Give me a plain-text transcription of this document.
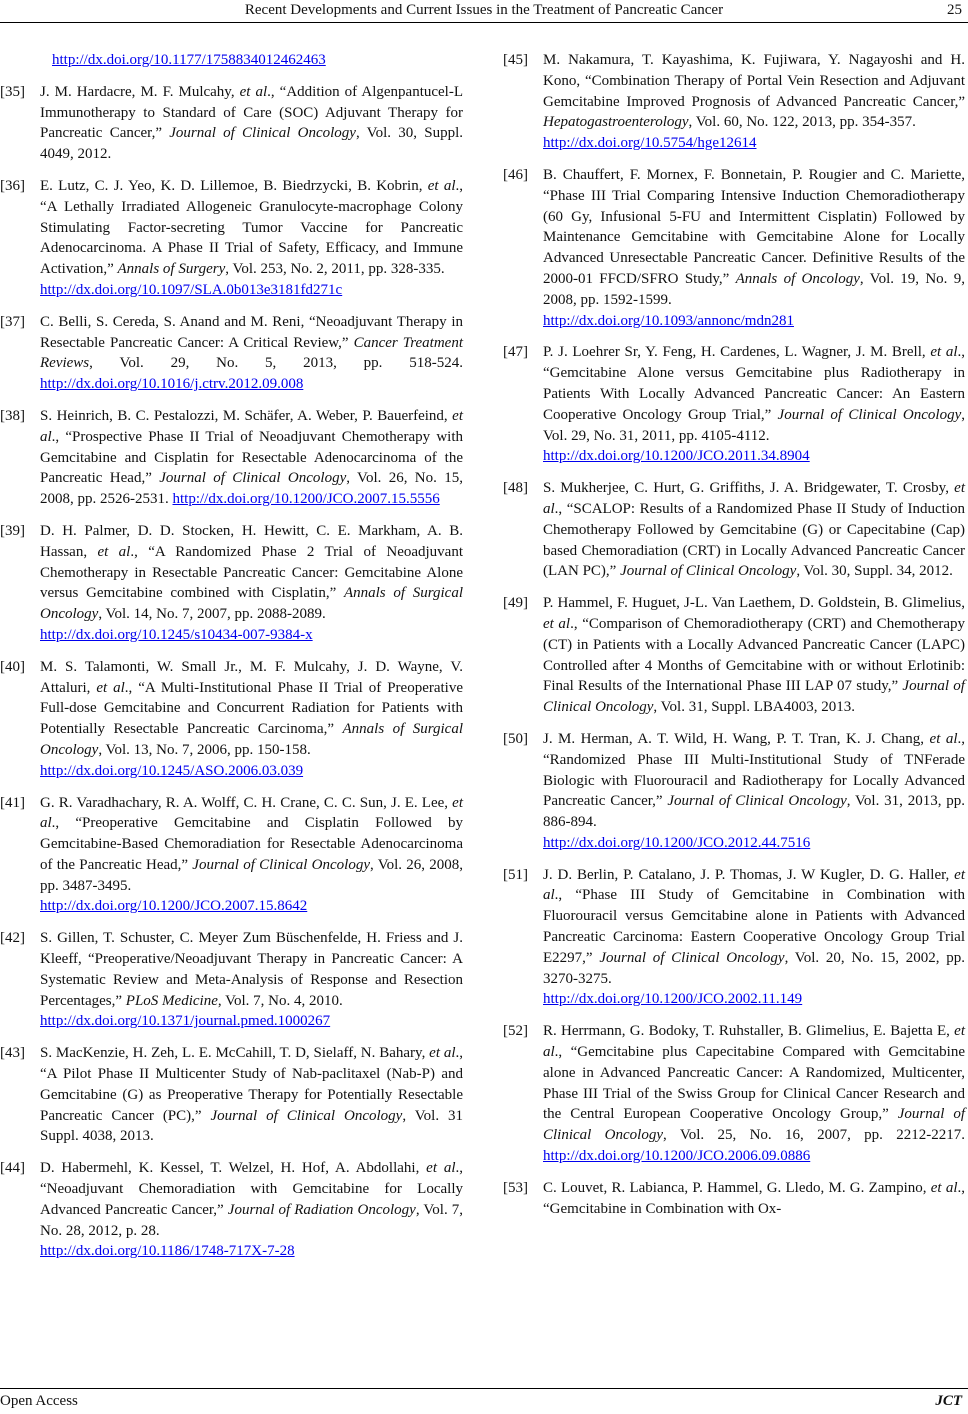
Recent Developments and Current Issues in the Treatment of Pancreatic Cancer	25
http://dx.doi.org/10.1177/1758834012462463
[35]	J. M. Hardacre, M. F. Mulcahy, et al., “Addition of Algenpantucel-L Immunotherapy to Standard of Care (SOC) Adjuvant Therapy for Pancreatic Cancer,” Journal of Clinical Oncology, Vol. 30, Suppl. 4049, 2012.
[36]	E. Lutz, C. J. Yeo, K. D. Lillemoe, B. Biedrzycki, B. Kobrin, et al., “A Lethally Irradiated Allogeneic Granulocyte-macrophage Colony Stimulating Factor-secreting Tumor Vaccine for Pancreatic Adenocarcinoma. A Phase II Trial of Safety, Efficacy, and Immune Activation,” Annals of Surgery, Vol. 253, No. 2, 2011, pp. 328-335.
http://dx.doi.org/10.1097/SLA.0b013e3181fd271c
[37]	C. Belli, S. Cereda, S. Anand and M. Reni, “Neoadjuvant Therapy in Resectable Pancreatic Cancer: A Critical Review,” Cancer Treatment Reviews, Vol. 29, No. 5, 2013, pp. 518-524. http://dx.doi.org/10.1016/j.ctrv.2012.09.008
[38]	S. Heinrich, B. C. Pestalozzi, M. Schäfer, A. Weber, P. Bauerfeind, et al., “Prospective Phase II Trial of Neoadjuvant Chemotherapy with Gemcitabine and Cisplatin for Resectable Adenocarcinoma of the Pancreatic Head,” Journal of Clinical Oncology, Vol. 26, No. 15, 2008, pp. 2526-2531. http://dx.doi.org/10.1200/JCO.2007.15.5556
[39]	D. H. Palmer, D. D. Stocken, H. Hewitt, C. E. Markham, A. B. Hassan, et al., “A Randomized Phase 2 Trial of Neoadjuvant Chemotherapy in Resectable Pancreatic Cancer: Gemcitabine Alone versus Gemcitabine combined with Cisplatin,” Annals of Surgical Oncology, Vol. 14, No. 7, 2007, pp. 2088-2089.
http://dx.doi.org/10.1245/s10434-007-9384-x
[40]	M. S. Talamonti, W. Small Jr., M. F. Mulcahy, J. D. Wayne, V. Attaluri, et al., “A Multi-Institutional Phase II Trial of Preoperative Full-dose Gemcitabine and Concurrent Radiation for Patients with Potentially Resectable Pancreatic Carcinoma,” Annals of Surgical Oncology, Vol. 13, No. 7, 2006, pp. 150-158.
http://dx.doi.org/10.1245/ASO.2006.03.039
[41]	G. R. Varadhachary, R. A. Wolff, C. H. Crane, C. C. Sun, J. E. Lee, et al., “Preoperative Gemcitabine and Cisplatin Followed by Gemcitabine-Based Chemoradiation for Resectable Adenocarcinoma of the Pancreatic Head,” Journal of Clinical Oncology, Vol. 26, 2008, pp. 3487-3495.
http://dx.doi.org/10.1200/JCO.2007.15.8642
[42]	S. Gillen, T. Schuster, C. Meyer Zum Büschenfelde, H. Friess and J. Kleeff, “Preoperative/Neoadjuvant Therapy in Pancreatic Cancer: A Systematic Review and Meta-Analysis of Response and Resection Percentages,” PLoS Medicine, Vol. 7, No. 4, 2010.
http://dx.doi.org/10.1371/journal.pmed.1000267
[43]	S. MacKenzie, H. Zeh, L. E. McCahill, T. D, Sielaff, N. Bahary, et al., “A Pilot Phase II Multicenter Study of Nab-paclitaxel (Nab-P) and Gemcitabine (G) as Preoperative Therapy for Potentially Resectable Pancreatic Cancer (PC),” Journal of Clinical Oncology, Vol. 31 Suppl. 4038, 2013.
[44]	D. Habermehl, K. Kessel, T. Welzel, H. Hof, A. Abdollahi, et al., “Neoadjuvant Chemoradiation with Gemcitabine for Locally Advanced Pancreatic Cancer,” Journal of Radiation Oncology, Vol. 7, No. 28, 2012, p. 28.
http://dx.doi.org/10.1186/1748-717X-7-28
[45]	M. Nakamura, T. Kayashima, K. Fujiwara, Y. Nagayoshi and H. Kono, “Combination Therapy of Portal Vein Resection and Adjuvant Gemcitabine Improved Prognosis of Advanced Pancreatic Cancer,” Hepatogastroenterology, Vol. 60, No. 122, 2013, pp. 354-357.
http://dx.doi.org/10.5754/hge12614
[46]	B. Chauffert, F. Mornex, F. Bonnetain, P. Rougier and C. Mariette, “Phase III Trial Comparing Intensive Induction Chemoradiotherapy (60 Gy, Infusional 5-FU and Intermittent Cisplatin) Followed by Maintenance Gemcitabine with Gemcitabine Alone for Locally Advanced Unresectable Pancreatic Cancer. Definitive Results of the 2000-01 FFCD/SFRO Study,” Annals of Oncology, Vol. 19, No. 9, 2008, pp. 1592-1599.
http://dx.doi.org/10.1093/annonc/mdn281
[47]	P. J. Loehrer Sr, Y. Feng, H. Cardenes, L. Wagner, J. M. Brell, et al., “Gemcitabine Alone versus Gemcitabine plus Radiotherapy in Patients With Locally Advanced Pancreatic Cancer: An Eastern Cooperative Oncology Group Trial,” Journal of Clinical Oncology, Vol. 29, No. 31, 2011, pp. 4105-4112.
http://dx.doi.org/10.1200/JCO.2011.34.8904
[48]	S. Mukherjee, C. Hurt, G. Griffiths, J. A. Bridgewater, T. Crosby, et al., “SCALOP: Results of a Randomized Phase II Study of Induction Chemotherapy Followed by Gemcitabine (G) or Capecitabine (Cap) based Chemoradiation (CRT) in Locally Advanced Pancreatic Cancer (LAN PC),” Journal of Clinical Oncology, Vol. 30, Suppl. 34, 2012.
[49]	P. Hammel, F. Huguet, J-L. Van Laethem, D. Goldstein, B. Glimelius, et al., “Comparison of Chemoradiotherapy (CRT) and Chemotherapy (CT) in Patients with a Locally Advanced Pancreatic Cancer (LAPC) Controlled after 4 Months of Gemcitabine with or without Erlotinib: Final Results of the International Phase III LAP 07 study,” Journal of Clinical Oncology, Vol. 31, Suppl. LBA4003, 2013.
[50]	J. M. Herman, A. T. Wild, H. Wang, P. T. Tran, K. J. Chang, et al., “Randomized Phase III Multi-Institutional Study of TNFerade Biologic with Fluorouracil and Radiotherapy for Locally Advanced Pancreatic Cancer,” Journal of Clinical Oncology, Vol. 31, 2013, pp. 886-894.
http://dx.doi.org/10.1200/JCO.2012.44.7516
[51]	J. D. Berlin, P. Catalano, J. P. Thomas, J. W Kugler, D. G. Haller, et al., “Phase III Study of Gemcitabine in Combination with Fluorouracil versus Gemcitabine alone in Patients with Advanced Pancreatic Carcinoma: Eastern Cooperative Oncology Group Trial E2297,” Journal of Clinical Oncology, Vol. 20, No. 15, 2002, pp. 3270-3275.
http://dx.doi.org/10.1200/JCO.2002.11.149
[52]	R. Herrmann, G. Bodoky, T. Ruhstaller, B. Glimelius, E. Bajetta E, et al., “Gemcitabine plus Capecitabine Compared with Gemcitabine alone in Advanced Pancreatic Cancer: A Randomized, Multicenter, Phase III Trial of the Swiss Group for Clinical Cancer Research and the Central European Cooperative Oncology Group,” Journal of Clinical Oncology, Vol. 25, No. 16, 2007, pp. 2212-2217. http://dx.doi.org/10.1200/JCO.2006.09.0886
[53]	C. Louvet, R. Labianca, P. Hammel, G. Lledo, M. G. Zampino, et al., “Gemcitabine in Combination with Ox-
Open Access	JCT
